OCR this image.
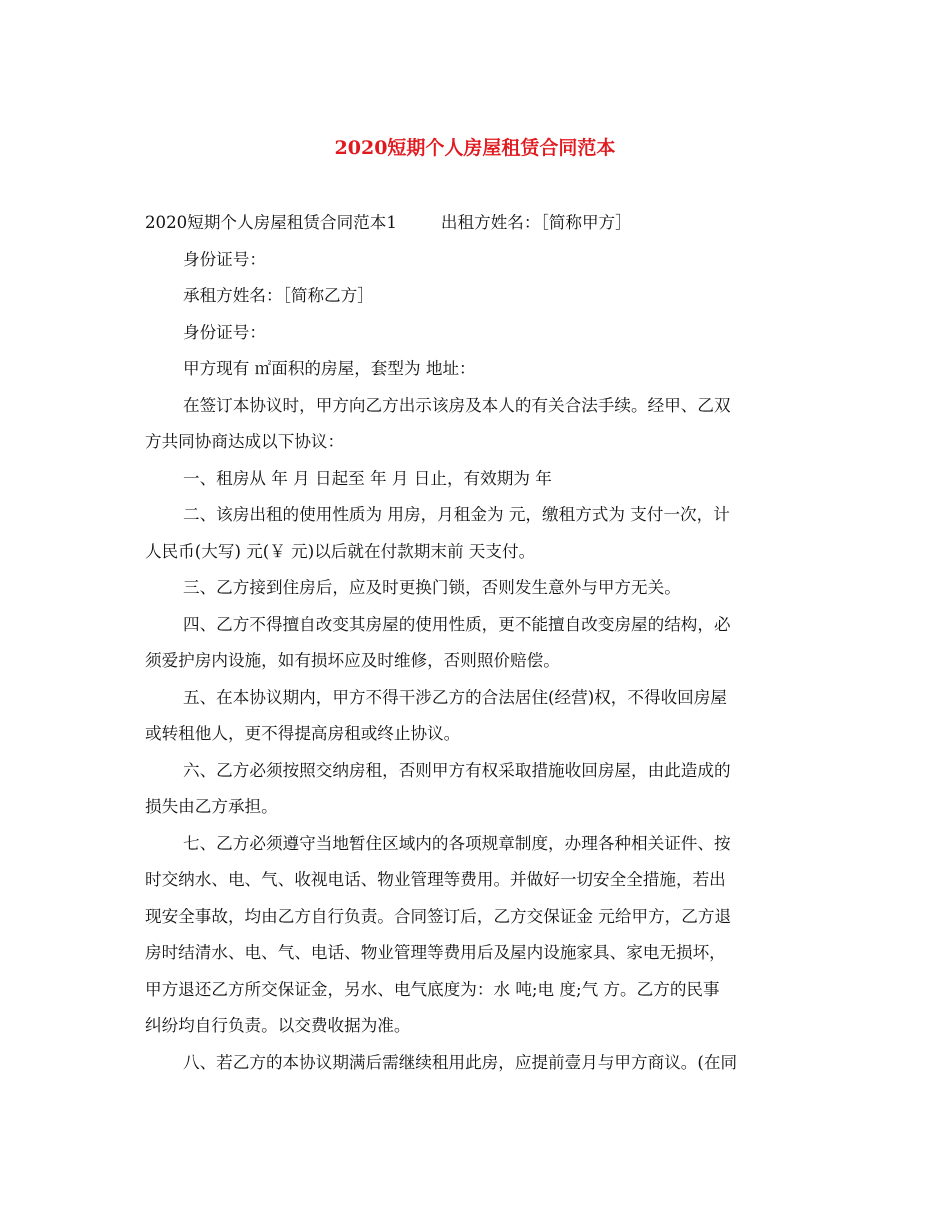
2020短期个人房屋租赁合同范本
2020短期个人房屋租赁合同范本1	出租方姓名：［简称甲方］
身份证号：
承租方姓名：［简称乙方］
身份证号：
甲方现有 ㎡面积的房屋，套型为 地址：
在签订本协议时，甲方向乙方出示该房及本人的有关合法手续。经甲、乙双
方共同协商达成以下协议：
一、租房从 年 月 日起至 年 月 日止，有效期为 年
二、该房出租的使用性质为 用房，月租金为 元，缴租方式为 支付一次，计
人民币(大写) 元(￥ 元)以后就在付款期末前 天支付。
三、乙方接到住房后，应及时更换门锁，否则发生意外与甲方无关。
四、乙方不得擅自改变其房屋的使用性质，更不能擅自改变房屋的结构，必
须爱护房内设施，如有损坏应及时维修，否则照价赔偿。
五、在本协议期内，甲方不得干涉乙方的合法居住(经营)权，不得收回房屋
或转租他人，更不得提高房租或终止协议。
六、乙方必须按照交纳房租，否则甲方有权采取措施收回房屋，由此造成的
损失由乙方承担。
七、乙方必须遵守当地暂住区域内的各项规章制度，办理各种相关证件、按
时交纳水、电、气、收视电话、物业管理等费用。并做好一切安全全措施，若出
现安全事故，均由乙方自行负责。合同签订后，乙方交保证金 元给甲方，乙方退
房时结清水、电、气、电话、物业管理等费用后及屋内设施家具、家电无损坏，
甲方退还乙方所交保证金，另水、电气底度为：水 吨;电 度;气 方。乙方的民事
纠纷均自行负责。以交费收据为准。
八、若乙方的本协议期满后需继续租用此房，应提前壹月与甲方商议。(在同
